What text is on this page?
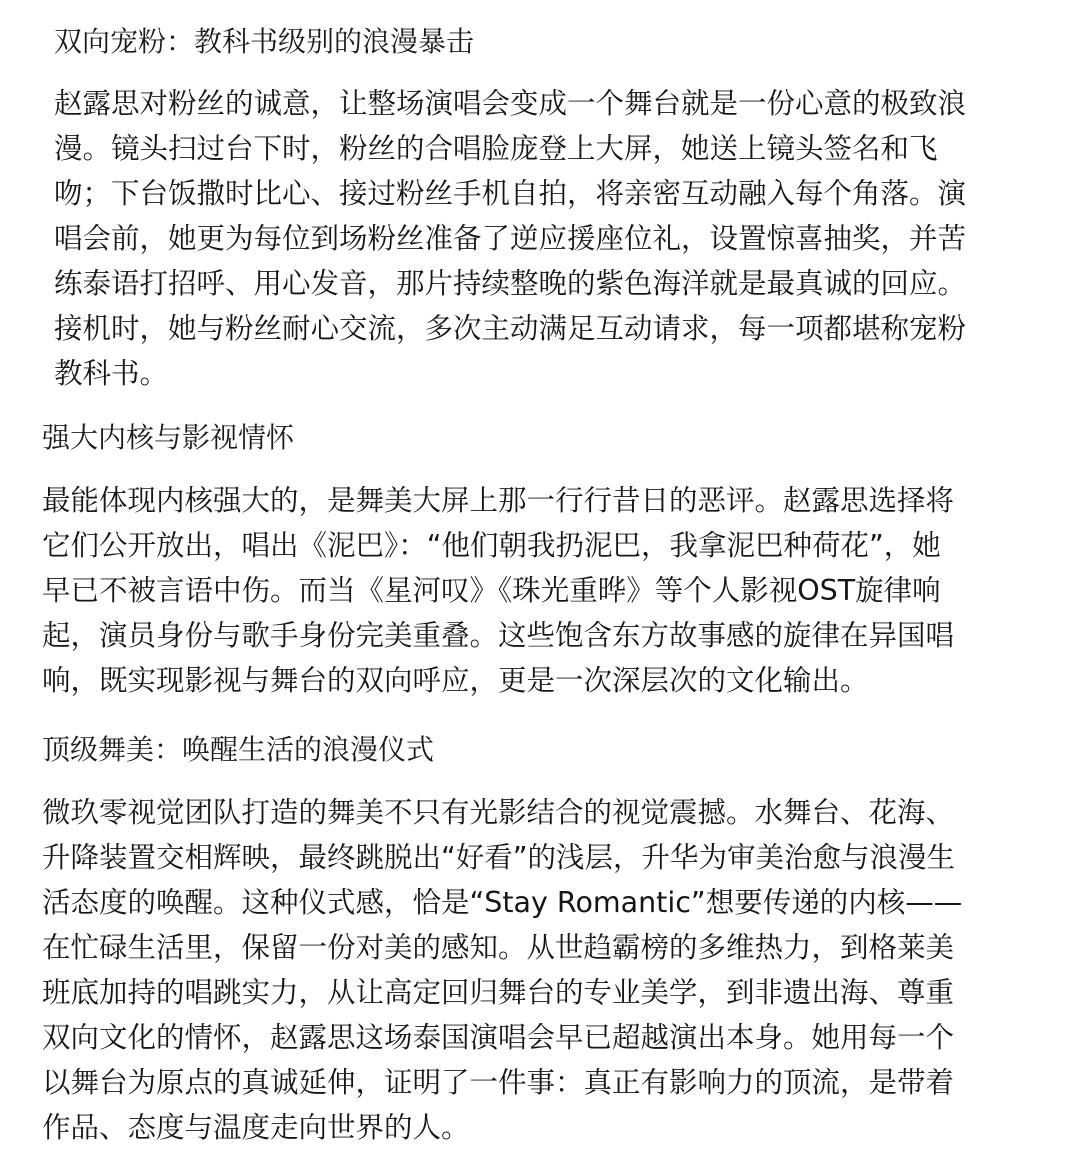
双向宠粉：教科书级别的浪漫暴击
赵露思对粉丝的诚意，让整场演唱会变成一个舞台就是一份心意的极致浪
漫。镜头扫过台下时，粉丝的合唱脸庞登上大屏，她送上镜头签名和飞
吻；下台饭撒时比心、接过粉丝手机自拍，将亲密互动融入每个角落。演
唱会前，她更为每位到场粉丝准备了逆应援座位礼，设置惊喜抽奖，并苦
练泰语打招呼、用心发音，那片持续整晚的紫色海洋就是最真诚的回应。
接机时，她与粉丝耐心交流，多次主动满足互动请求，每一项都堪称宠粉
教科书。
强大内核与影视情怀
最能体现内核强大的，是舞美大屏上那一行行昔日的恶评。赵露思选择将
它们公开放出，唱出《泥巴》：“他们朝我扔泥巴，我拿泥巴种荷花”，她
早已不被言语中伤。而当《星河叹》《珠光重晔》等个人影视OST旋律响
起，演员身份与歌手身份完美重叠。这些饱含东方故事感的旋律在异国唱
响，既实现影视与舞台的双向呼应，更是一次深层次的文化输出。
顶级舞美：唤醒生活的浪漫仪式
微玖零视觉团队打造的舞美不只有光影结合的视觉震撼。水舞台、花海、
升降装置交相辉映，最终跳脱出“好看”的浅层，升华为审美治愈与浪漫生
活态度的唤醒。这种仪式感，恰是“Stay Romantic”想要传递的内核——
在忙碌生活里，保留一份对美的感知。从世趋霸榜的多维热力，到格莱美
班底加持的唱跳实力，从让高定回归舞台的专业美学，到非遗出海、尊重
双向文化的情怀，赵露思这场泰国演唱会早已超越演出本身。她用每一个
以舞台为原点的真诚延伸，证明了一件事：真正有影响力的顶流，是带着
作品、态度与温度走向世界的人。
